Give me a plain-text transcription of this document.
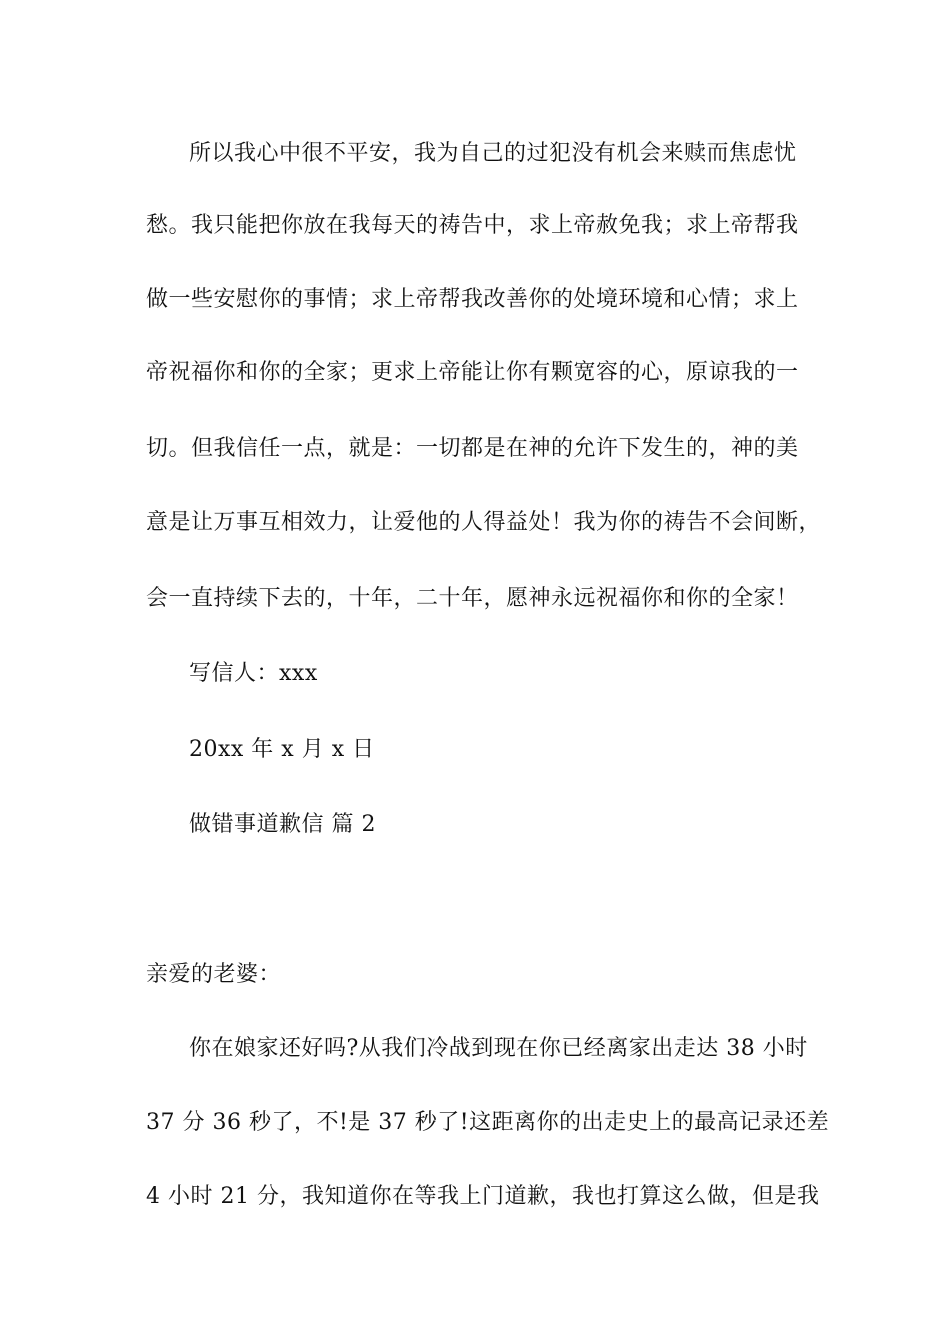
所以我心中很不平安，我为自己的过犯没有机会来赎而焦虑忧
愁。我只能把你放在我每天的祷告中，求上帝赦免我；求上帝帮我
做一些安慰你的事情；求上帝帮我改善你的处境环境和心情；求上
帝祝福你和你的全家；更求上帝能让你有颗宽容的心，原谅我的一
切。但我信任一点，就是：一切都是在神的允许下发生的，神的美
意是让万事互相效力，让爱他的人得益处！我为你的祷告不会间断，
会一直持续下去的，十年，二十年，愿神永远祝福你和你的全家！
写信人：xxx
20xx 年 x 月 x 日
做错事道歉信 篇 2
亲爱的老婆：
你在娘家还好吗?从我们冷战到现在你已经离家出走达 38 小时
37 分 36 秒了，不!是 37 秒了!这距离你的出走史上的最高记录还差
4 小时 21 分，我知道你在等我上门道歉，我也打算这么做，但是我
